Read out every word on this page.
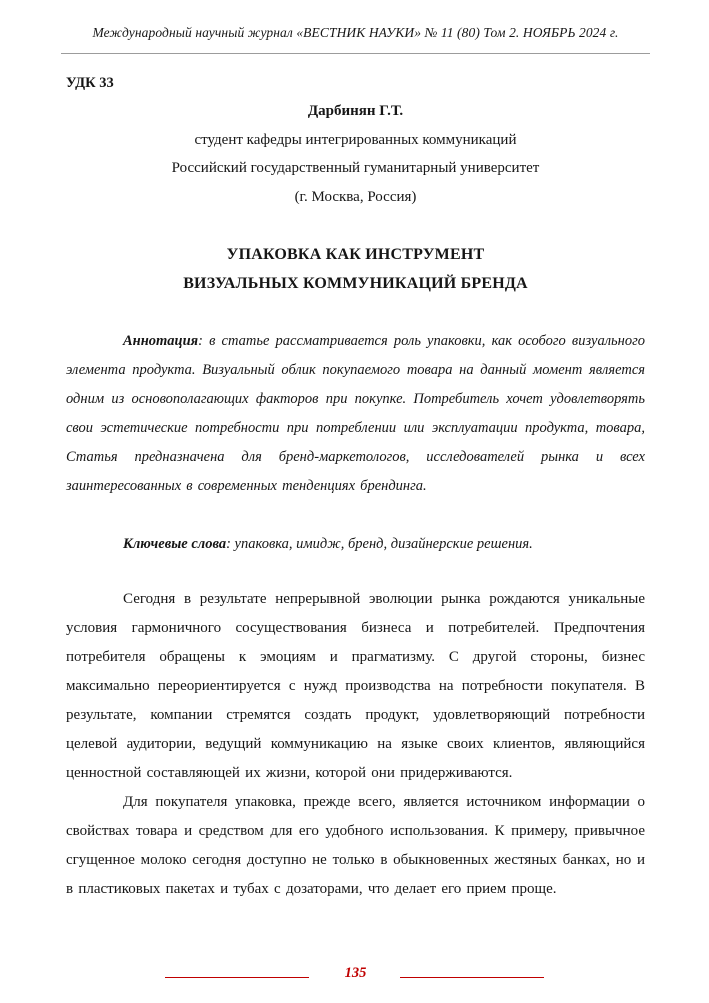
Международный научный журнал «ВЕСТНИК НАУКИ» № 11 (80) Том 2. НОЯБРЬ 2024 г.
УДК 33
Дарбинян Г.Т.
студент кафедры интегрированных коммуникаций
Российский государственный гуманитарный университет
(г. Москва, Россия)
УПАКОВКА КАК ИНСТРУМЕНТ
ВИЗУАЛЬНЫХ КОММУНИКАЦИЙ БРЕНДА

Аннотация: в статье рассматривается роль упаковки, как особого визуального элемента продукта. Визуальный облик покупаемого товара на данный момент является одним из основополагающих факторов при покупке. Потребитель хочет удовлетворять свои эстетические потребности при потреблении или эксплуатации продукта, товара, Статья предназначена для бренд-маркетологов, исследователей рынка и всех заинтересованных в современных тенденциях брендинга.

Ключевые слова: упаковка, имидж, бренд, дизайнерские решения.

Сегодня в результате непрерывной эволюции рынка рождаются уникальные условия гармоничного сосуществования бизнеса и потребителей. Предпочтения потребителя обращены к эмоциям и прагматизму. С другой стороны, бизнес максимально переориентируется с нужд производства на потребности покупателя. В результате, компании стремятся создать продукт, удовлетворяющий потребности целевой аудитории, ведущий коммуникацию на языке своих клиентов, являющийся ценностной составляющей их жизни, которой они придерживаются.

Для покупателя упаковка, прежде всего, является источником информации о свойствах товара и средством для его удобного использования. К примеру, привычное сгущенное молоко сегодня доступно не только в обыкновенных жестяных банках, но и в пластиковых пакетах и тубах с дозаторами, что делает его прием проще.

135
